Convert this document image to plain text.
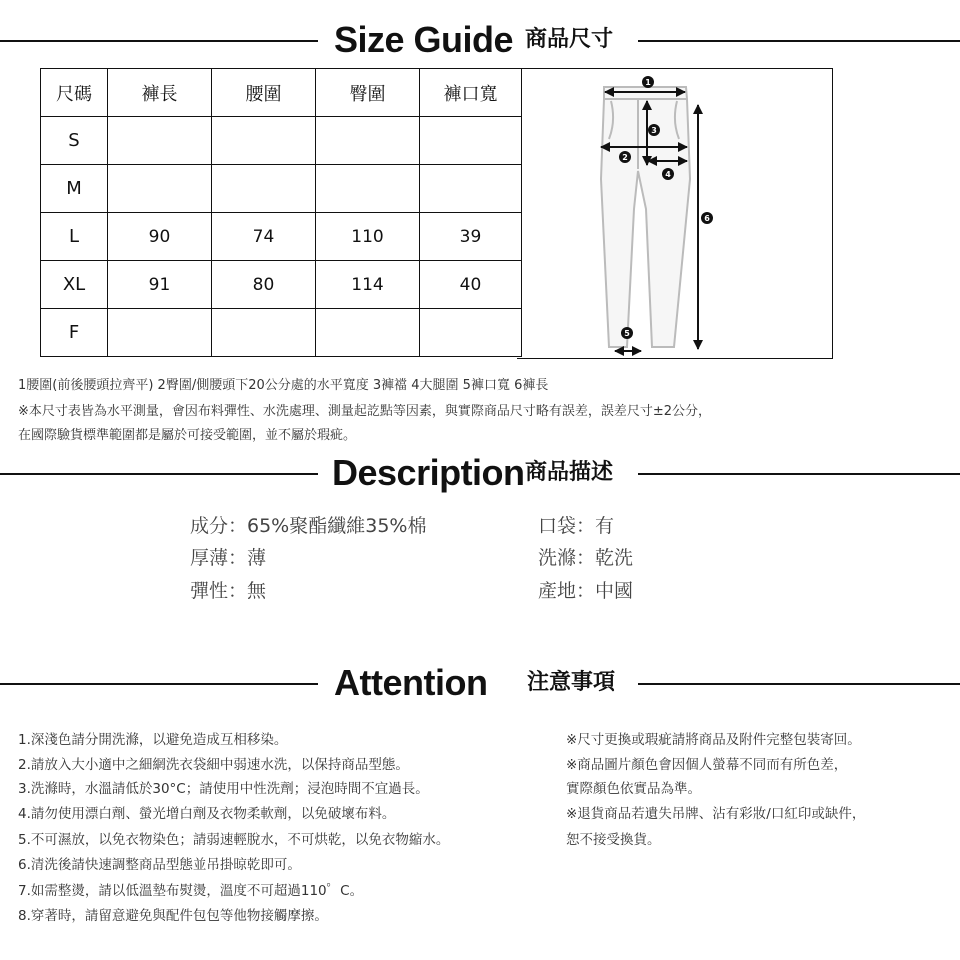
Size Guide 商品尺寸
尺碼	褲長	腰圍	臀圍	褲口寬
S				
M				
L	90	74	110	39
XL	91	80	114	40
F				
1
2
3
4
5
6
1腰圍(前後腰頭拉齊平) 2臀圍/側腰頭下20公分處的水平寬度 3褲襠 4大腿圍 5褲口寬 6褲長
※本尺寸表皆為水平測量，會因布料彈性、水洗處理、測量起訖點等因素，與實際商品尺寸略有誤差，誤差尺寸±2公分，
在國際驗貨標準範圍都是屬於可接受範圍，並不屬於瑕疵。
Description 商品描述
成分：65%聚酯纖維35%棉
厚薄：薄
彈性：無
口袋：有
洗滌：乾洗
產地：中國
Attention 注意事項
1.深淺色請分開洗滌，以避免造成互相移染。
2.請放入大小適中之細網洗衣袋細中弱速水洗，以保持商品型態。
3.洗滌時，水溫請低於30°C；請使用中性洗劑；浸泡時間不宜過長。
4.請勿使用漂白劑、螢光增白劑及衣物柔軟劑，以免破壞布料。
5.不可濕放，以免衣物染色；請弱速輕脫水，不可烘乾，以免衣物縮水。
6.清洗後請快速調整商品型態並吊掛晾乾即可。
7.如需整燙，請以低溫墊布熨燙，溫度不可超過110゜C。
8.穿著時，請留意避免與配件包包等他物接觸摩擦。
※尺寸更換或瑕疵請將商品及附件完整包裝寄回。
※商品圖片顏色會因個人螢幕不同而有所色差，
實際顏色依實品為準。
※退貨商品若遺失吊牌、沾有彩妝/口紅印或缺件，
恕不接受換貨。
